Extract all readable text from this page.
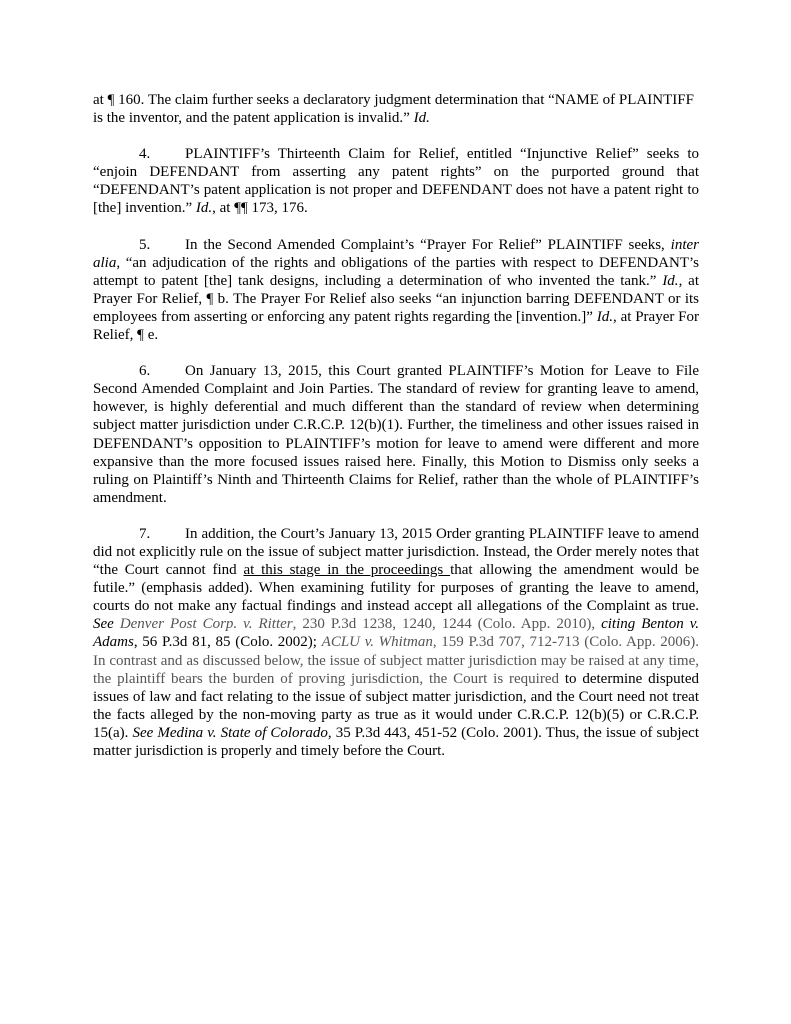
at ¶ 160. The claim further seeks a declaratory judgment determination that “NAME of PLAINTIFF is the inventor, and the patent application is invalid.” Id.

4. PLAINTIFF’s Thirteenth Claim for Relief, entitled “Injunctive Relief” seeks to “enjoin DEFENDANT from asserting any patent rights” on the purported ground that “DEFENDANT’s patent application is not proper and DEFENDANT does not have a patent right to [the] invention.” Id., at ¶¶ 173, 176.

5. In the Second Amended Complaint’s “Prayer For Relief” PLAINTIFF seeks, inter alia, “an adjudication of the rights and obligations of the parties with respect to DEFENDANT’s attempt to patent [the] tank designs, including a determination of who invented the tank.” Id., at Prayer For Relief, ¶ b. The Prayer For Relief also seeks “an injunction barring DEFENDANT or its employees from asserting or enforcing any patent rights regarding the [invention.]” Id., at Prayer For Relief, ¶ e.

6. On January 13, 2015, this Court granted PLAINTIFF’s Motion for Leave to File Second Amended Complaint and Join Parties. The standard of review for granting leave to amend, however, is highly deferential and much different than the standard of review when determining subject matter jurisdiction under C.R.C.P. 12(b)(1). Further, the timeliness and other issues raised in DEFENDANT’s opposition to PLAINTIFF’s motion for leave to amend were different and more expansive than the more focused issues raised here. Finally, this Motion to Dismiss only seeks a ruling on Plaintiff’s Ninth and Thirteenth Claims for Relief, rather than the whole of PLAINTIFF’s amendment.

7. In addition, the Court’s January 13, 2015 Order granting PLAINTIFF leave to amend did not explicitly rule on the issue of subject matter jurisdiction. Instead, the Order merely notes that “the Court cannot find at this stage in the proceedings that allowing the amendment would be futile.” (emphasis added). When examining futility for purposes of granting the leave to amend, courts do not make any factual findings and instead accept all allegations of the Complaint as true. See Denver Post Corp. v. Ritter, 230 P.3d 1238, 1240, 1244 (Colo. App. 2010), citing Benton v. Adams, 56 P.3d 81, 85 (Colo. 2002); ACLU v. Whitman, 159 P.3d 707, 712-713 (Colo. App. 2006). In contrast and as discussed below, the issue of subject matter jurisdiction may be raised at any time, the plaintiff bears the burden of proving jurisdiction, the Court is required to determine disputed issues of law and fact relating to the issue of subject matter jurisdiction, and the Court need not treat the facts alleged by the non-moving party as true as it would under C.R.C.P. 12(b)(5) or C.R.C.P. 15(a). See Medina v. State of Colorado, 35 P.3d 443, 451-52 (Colo. 2001). Thus, the issue of subject matter jurisdiction is properly and timely before the Court.
